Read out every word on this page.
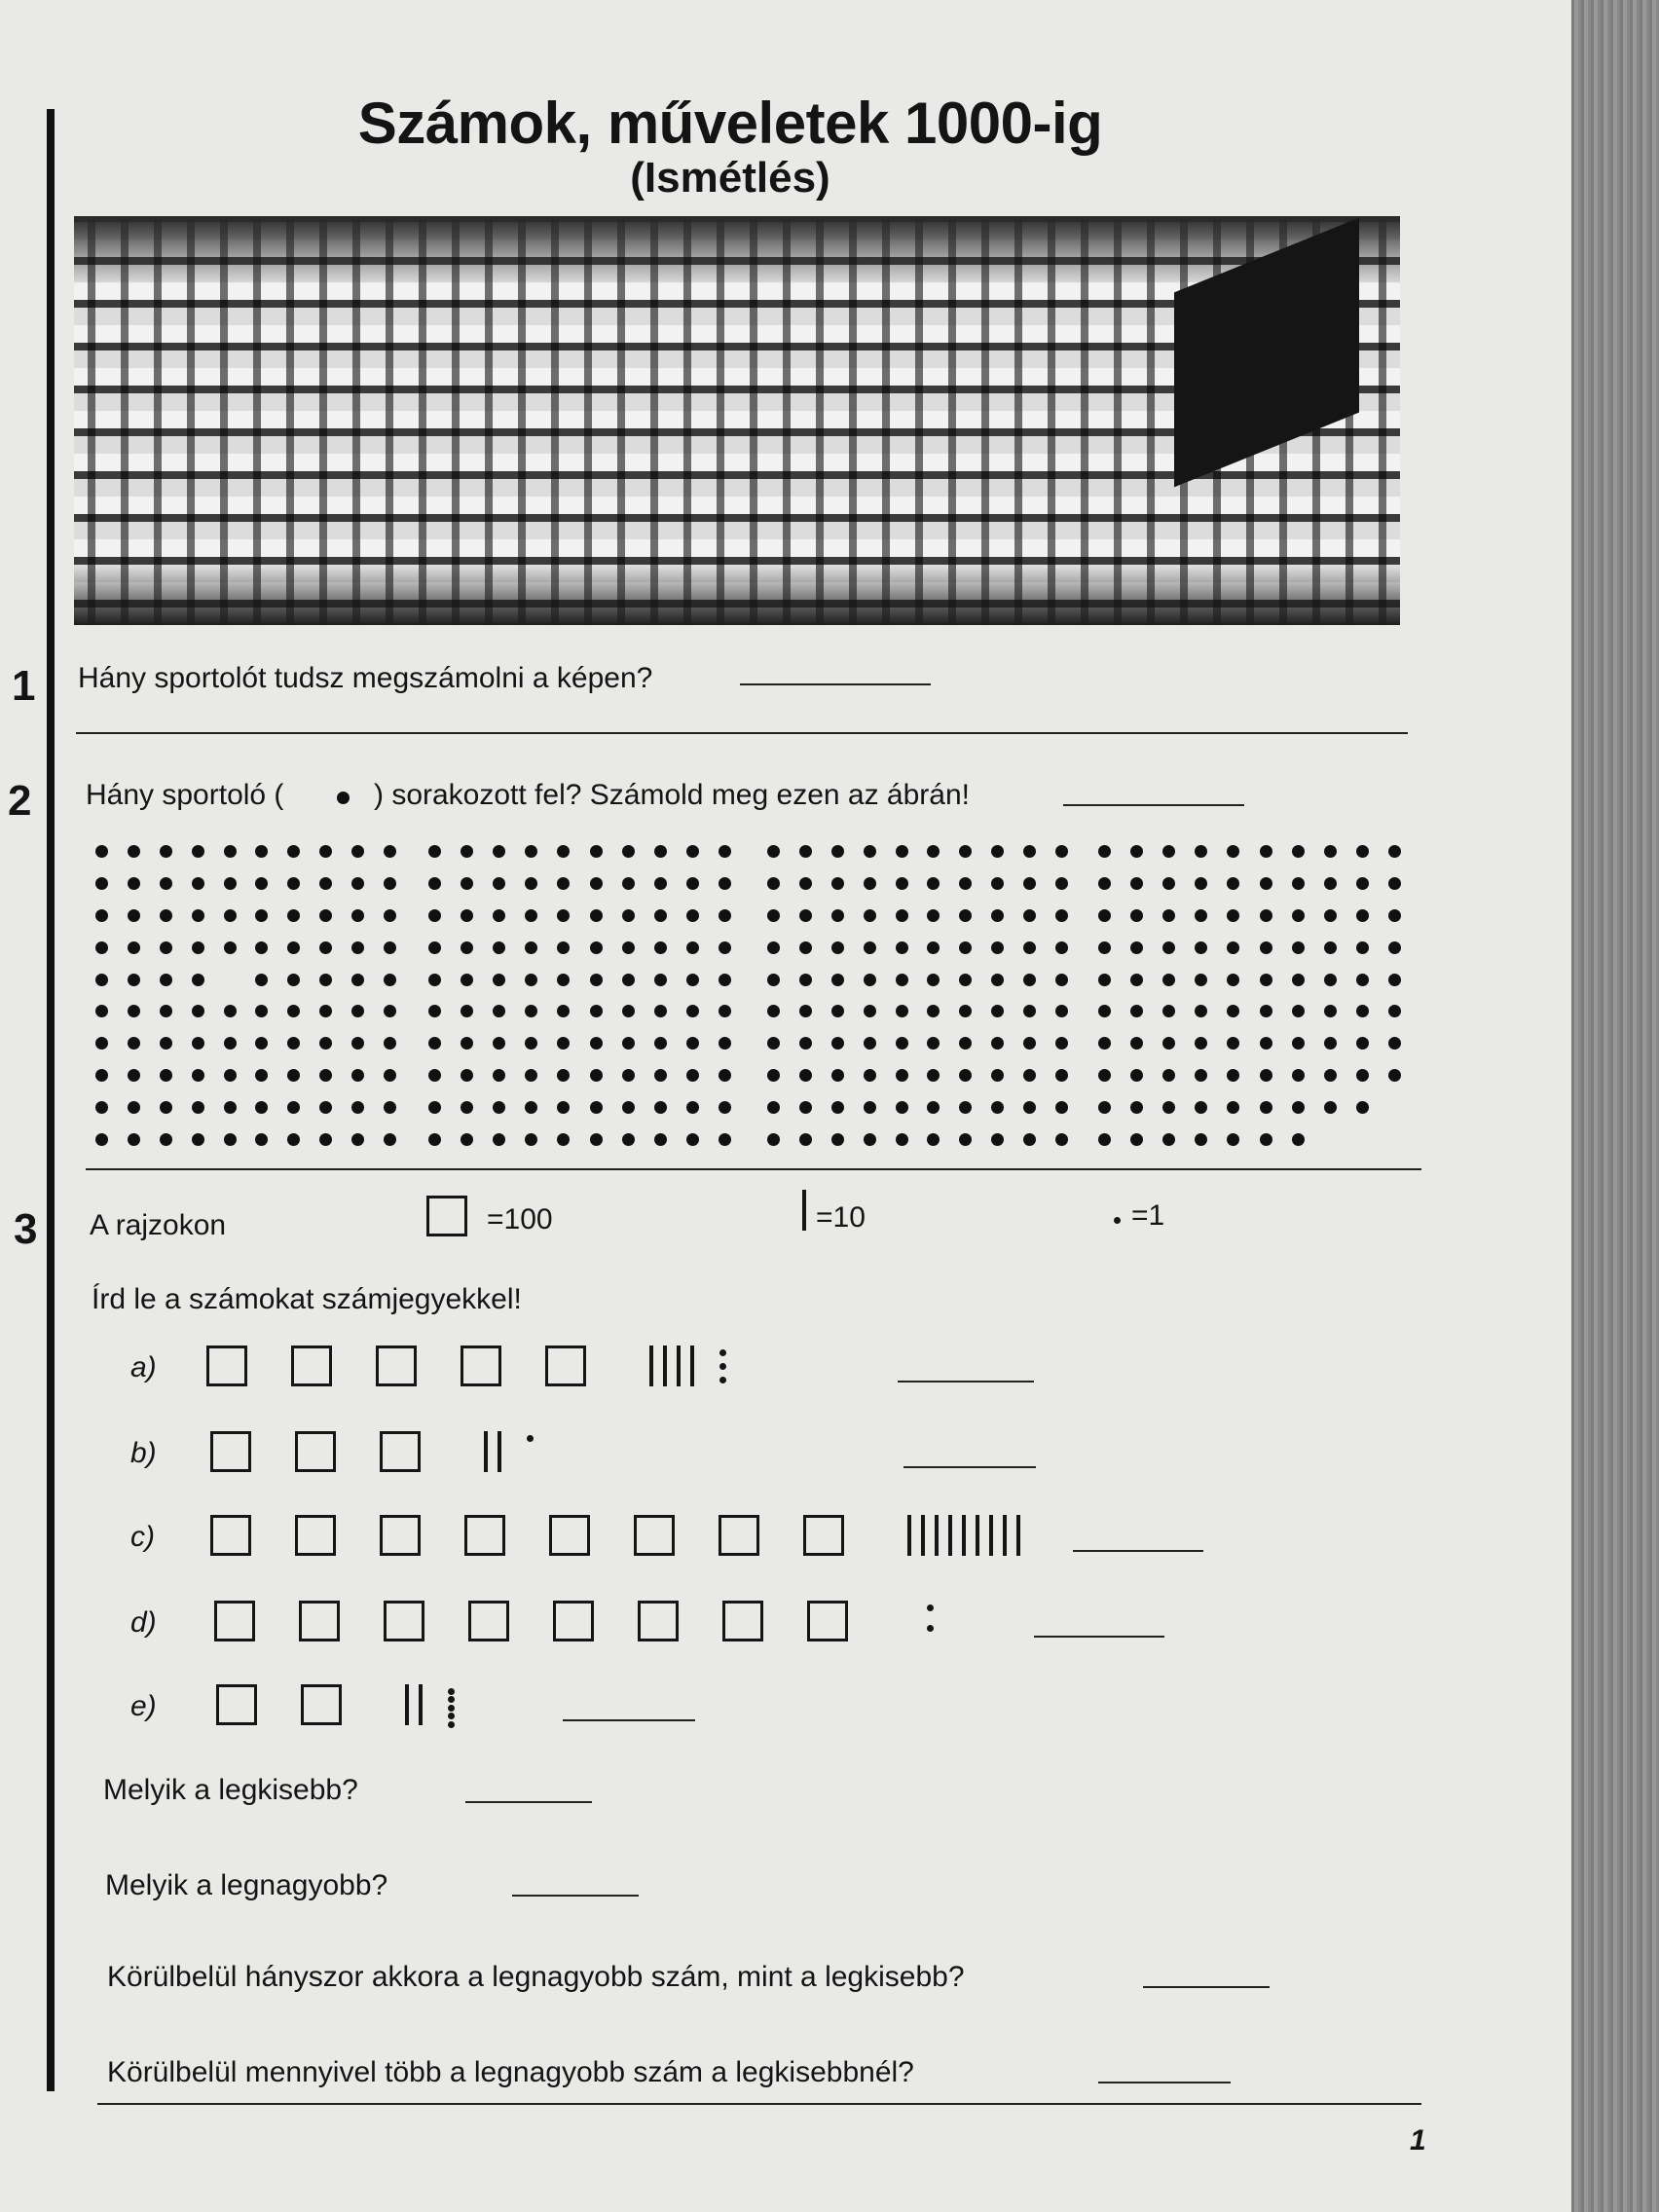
Számok, műveletek 1000-ig
(Ismétlés)
1 Hány sportolót tudsz megszámolni a képen?
2 Hány sportoló (	) sorakozott fel? Számold meg ezen az ábrán!
3 A rajzokon	=100	=10	=1
Írd le a számokat számjegyekkel!
a)
b)
c)
d)
e)
Melyik a legkisebb?
Melyik a legnagyobb?
Körülbelül hányszor akkora a legnagyobb szám, mint a legkisebb?
Körülbelül mennyivel több a legnagyobb szám a legkisebbnél?
1
